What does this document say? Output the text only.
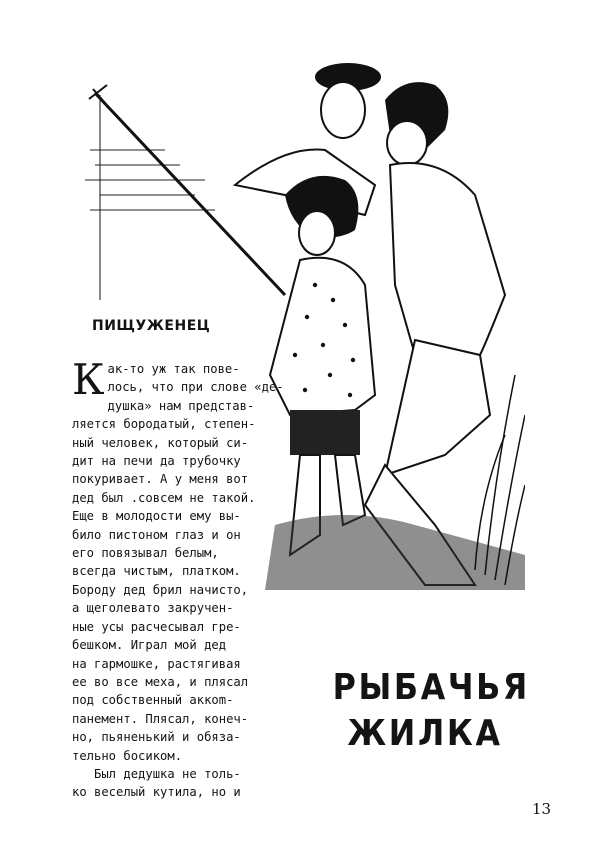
ПИЩУЖЕНЕЦ
К ак-то уж так пове-
лось, что при слове «де-
душка» нам представ-
ляется бородатый, степен-
ный человек, который си-
дит на печи да трубочку
покуривает. А у меня вот
дед был .совсем не такой.
Еще в молодости ему вы-
било пистоном глаз и он
его повязывал белым,
всегда чистым, платком.
Бороду дед брил начисто,
а щеголевато закручен-
ные усы расчесывал гре-
бешком. Играл мой дед
на гармошке, растягивая
ее во все меха, и плясал
под собственный аккоm-
панемент. Плясал, конеч-
но, пьяненький и обяза-
тельно босиком.
Был дедушка не толь-
ко веселый кутила, но и
РЫБАЧЬЯ
ЖИЛКА
13
